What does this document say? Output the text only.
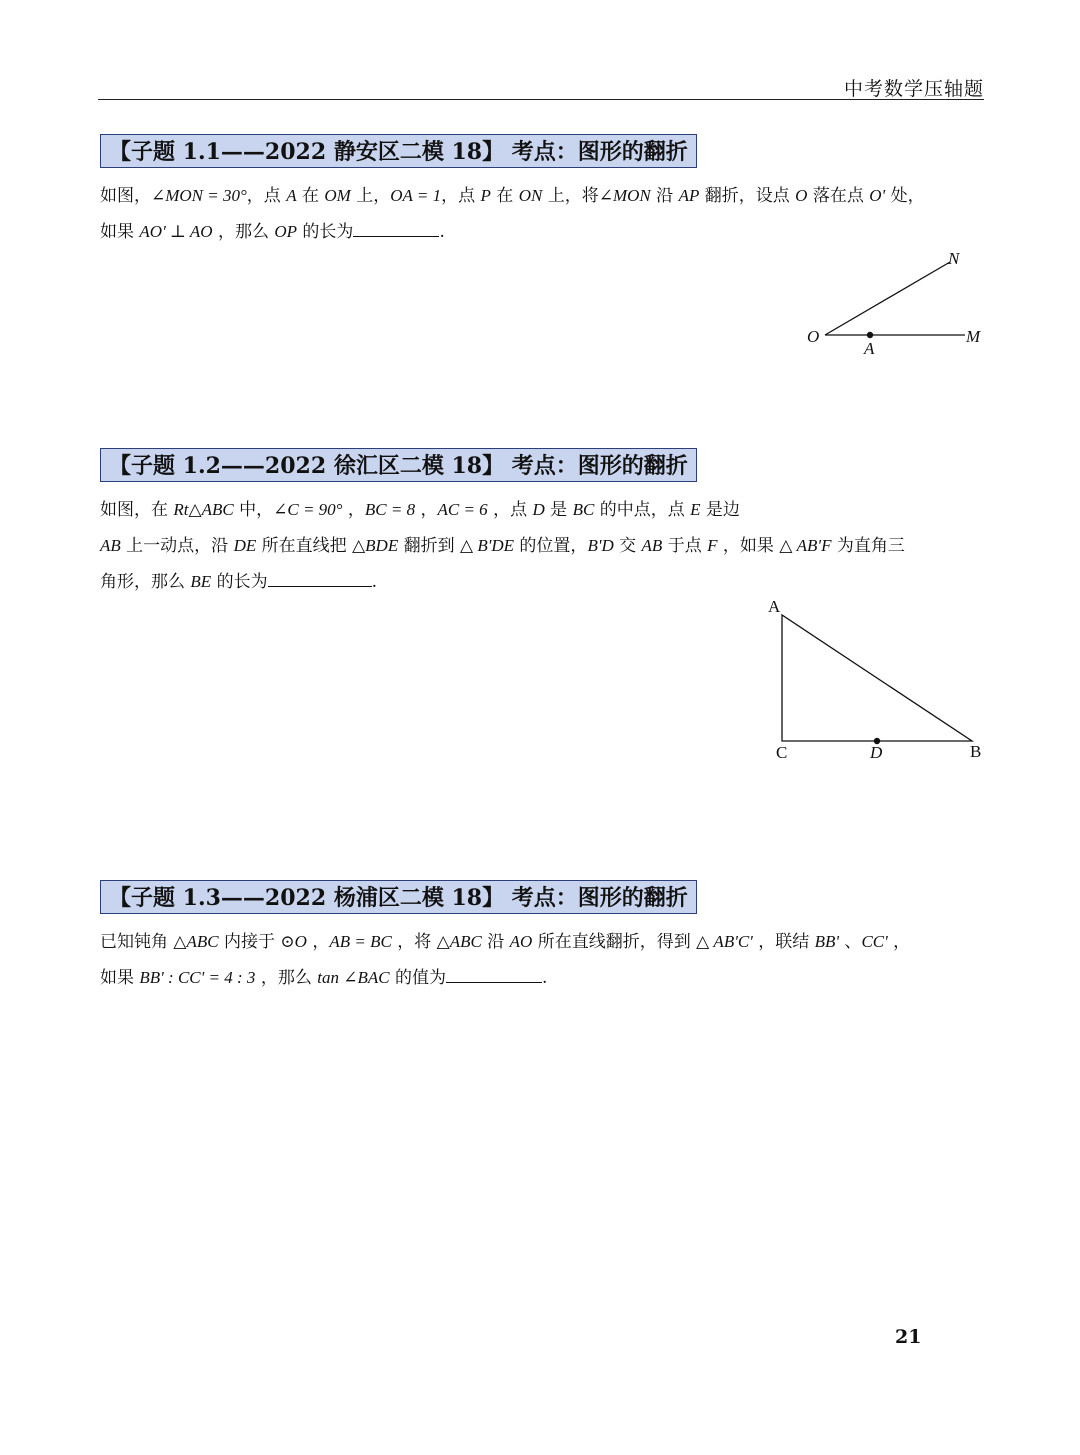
中考数学压轴题
【子题 1.1——2022 静安区二模 18】 考点：图形的翻折
如图，∠MON = 30°，点 A 在 OM 上，OA = 1，点 P 在 ON 上，将∠MON 沿 AP 翻折，设点 O 落在点 O' 处，
如果 AO' ⊥ AO ，那么 OP 的长为	.
O
A
M
N
【子题 1.2——2022 徐汇区二模 18】 考点：图形的翻折
如图，在 Rt△ABC 中，∠C = 90° ，BC = 8 ，AC = 6 ，点 D 是 BC 的中点，点 E 是边
AB 上一动点，沿 DE 所在直线把 △BDE 翻折到 △ B'DE 的位置，B'D 交 AB 于点 F ，如果 △ AB'F 为直角三
角形，那么 BE 的长为	.
A
C	D	B
【子题 1.3——2022 杨浦区二模 18】 考点：图形的翻折
已知钝角 △ABC 内接于 ⊙O ，AB = BC ，将 △ABC 沿 AO 所在直线翻折，得到 △ AB'C' ，联结 BB' 、CC' ，
如果 BB' : CC' = 4 : 3 ，那么 tan ∠BAC 的值为	.
21
